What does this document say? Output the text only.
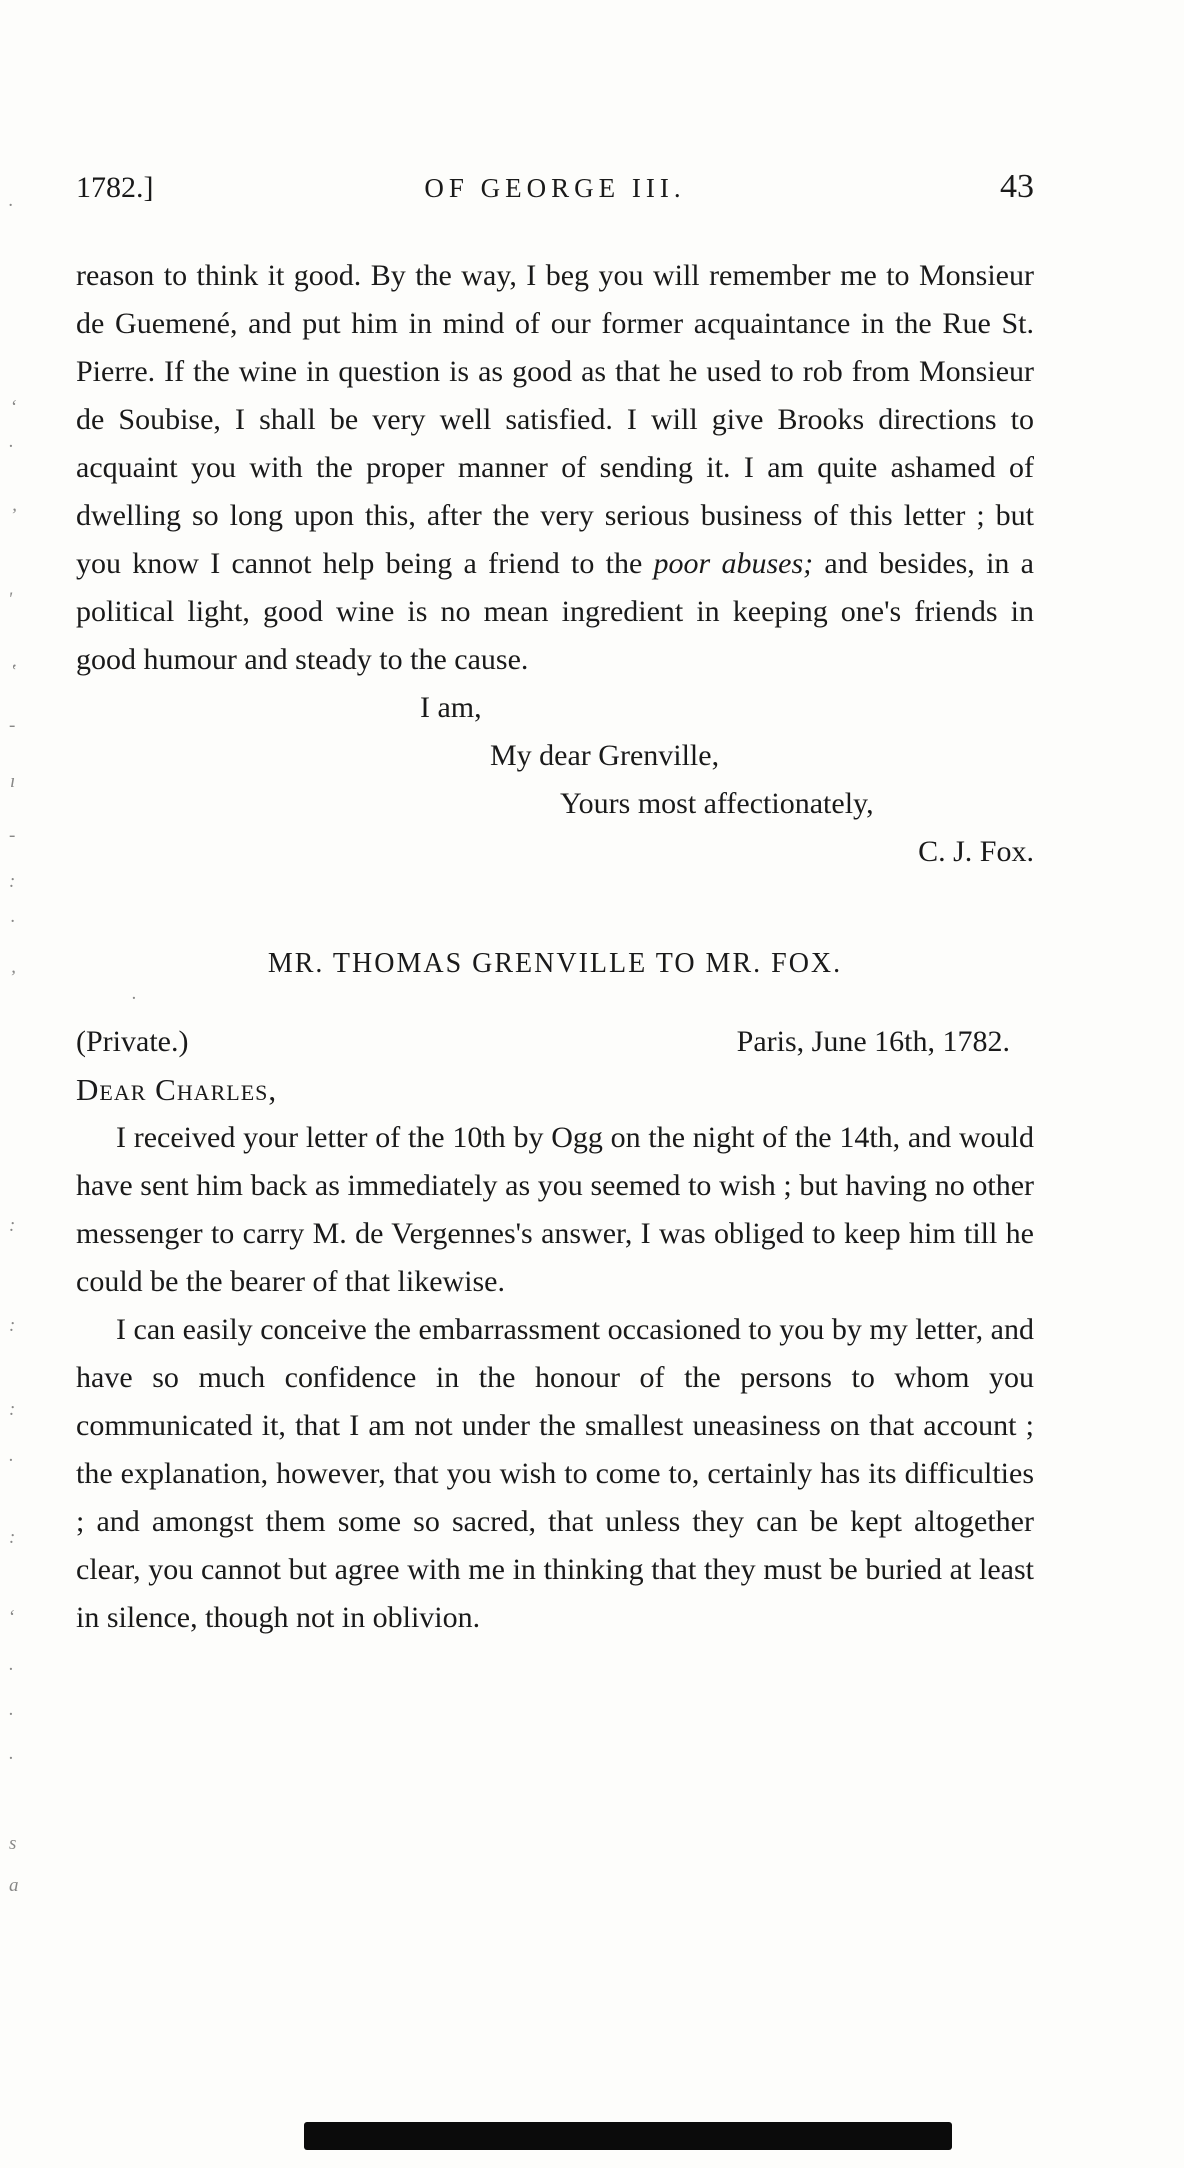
·
ʻ
.
ʼ
'
ʽ
-
ı
-
:
·
ʼ
.
:
:
:
.
:
ʻ
.
.
.
s
a
1782.]	OF GEORGE III.	43

reason to think it good. By the way, I beg you will remember me to Monsieur de Guemené, and put him in mind of our former acquaintance in the Rue St. Pierre. If the wine in question is as good as that he used to rob from Monsieur de Soubise, I shall be very well satisfied. I will give Brooks directions to acquaint you with the proper manner of sending it. I am quite ashamed of dwelling so long upon this, after the very serious business of this letter ; but you know I cannot help being a friend to the poor abuses; and besides, in a political light, good wine is no mean ingredient in keeping one's friends in good humour and steady to the cause.

I am,
My dear Grenville,
Yours most affectionately,
C. J. Fox.
MR. THOMAS GRENVILLE TO MR. FOX.
(Private.)	Paris, June 16th, 1782.
Dear Charles,

I received your letter of the 10th by Ogg on the night of the 14th, and would have sent him back as immediately as you seemed to wish ; but having no other messenger to carry M. de Vergennes's answer, I was obliged to keep him till he could be the bearer of that likewise.

I can easily conceive the embarrassment occasioned to you by my letter, and have so much confidence in the honour of the persons to whom you communicated it, that I am not under the smallest uneasiness on that account ; the explanation, however, that you wish to come to, certainly has its difficulties ; and amongst them some so sacred, that unless they can be kept altogether clear, you cannot but agree with me in thinking that they must be buried at least in silence, though not in oblivion.
